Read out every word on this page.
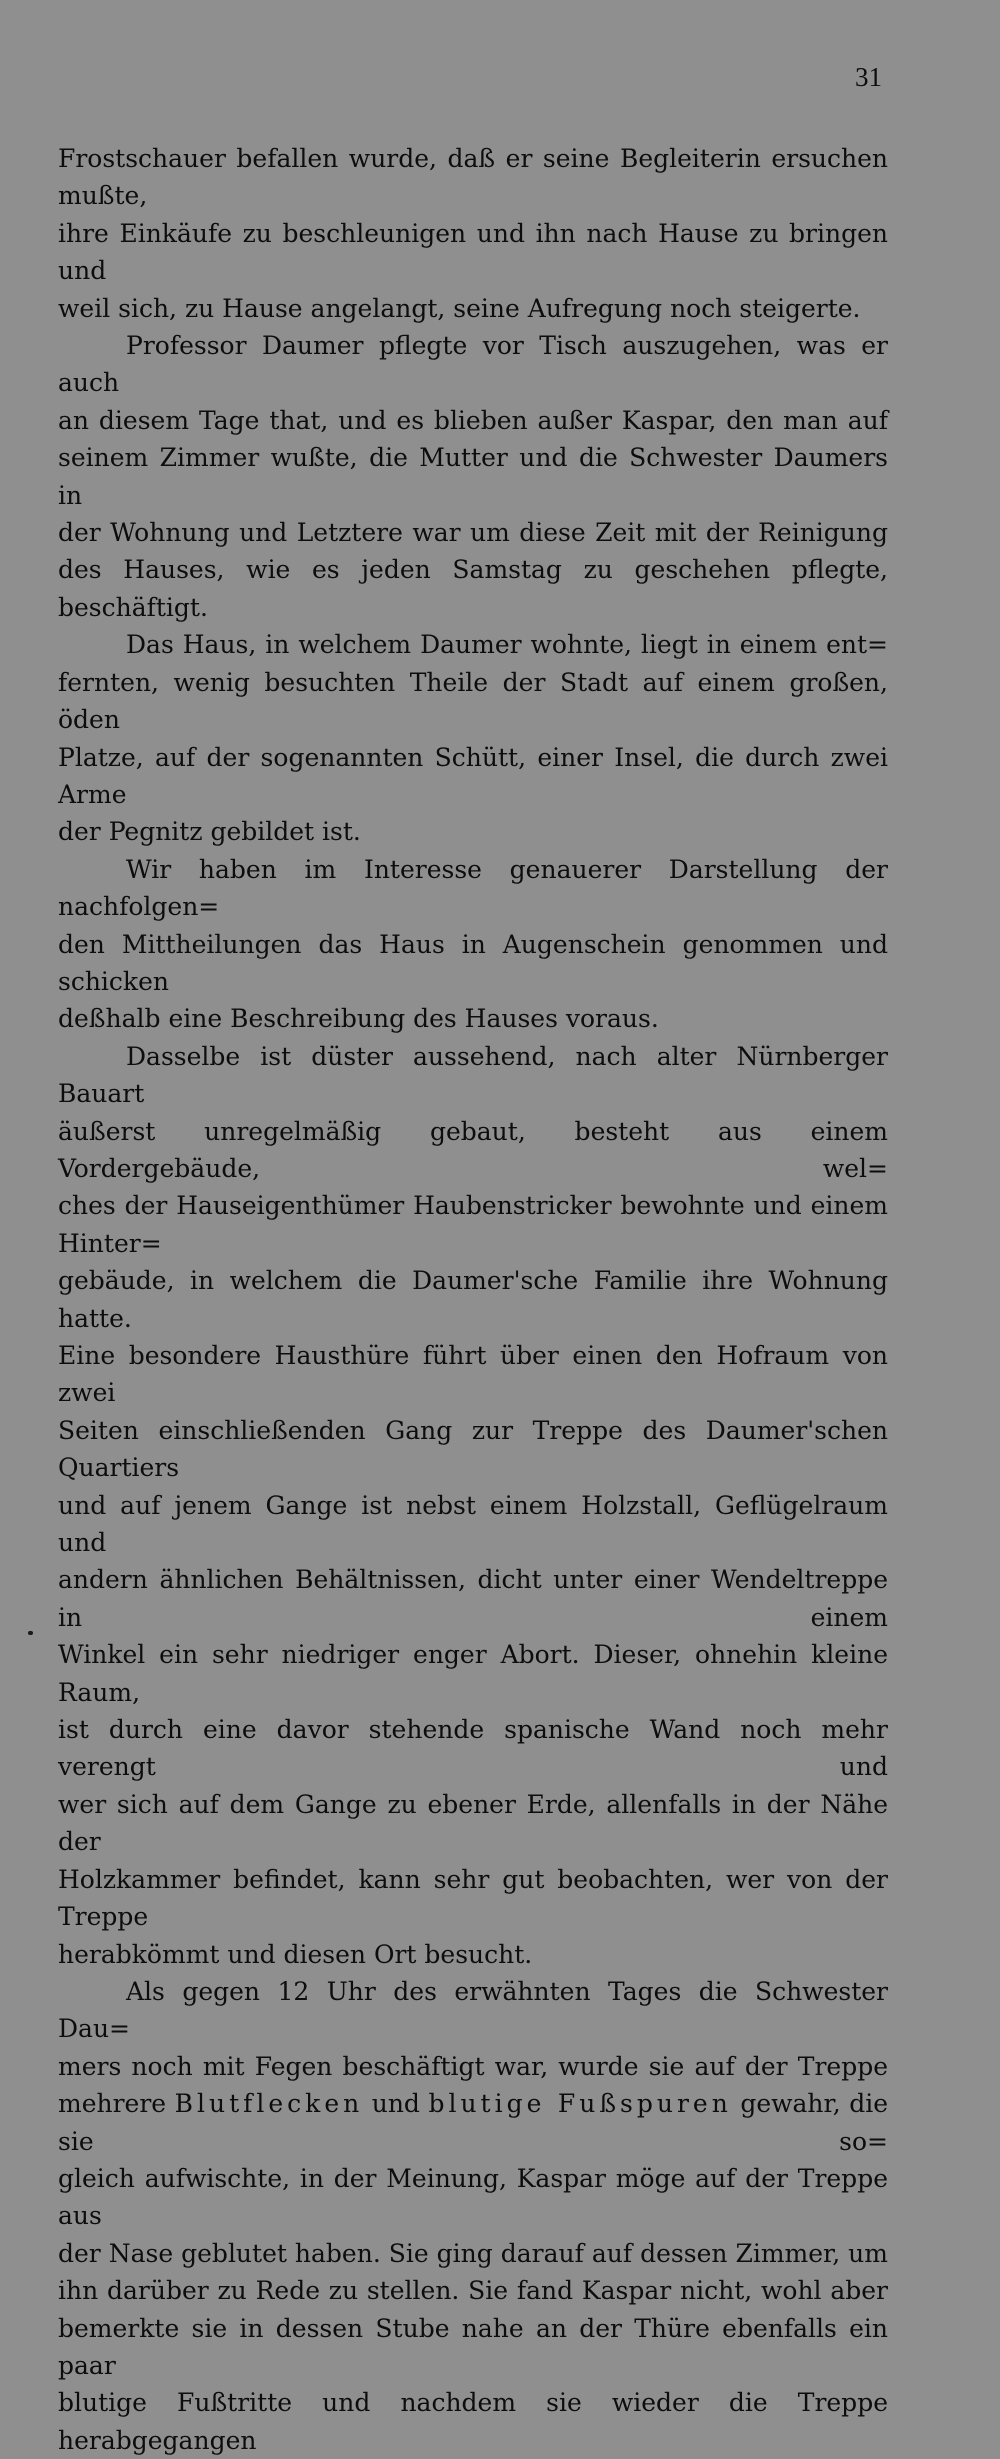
31
Frostschauer befallen wurde, daß er seine Begleiterin ersuchen mußte,
ihre Einkäufe zu beschleunigen und ihn nach Hause zu bringen und
weil sich, zu Hause angelangt, seine Aufregung noch steigerte.
Professor Daumer pflegte vor Tisch auszugehen, was er auch
an diesem Tage that, und es blieben außer Kaspar, den man auf
seinem Zimmer wußte, die Mutter und die Schwester Daumers in
der Wohnung und Letztere war um diese Zeit mit der Reinigung
des Hauses, wie es jeden Samstag zu geschehen pflegte, beschäftigt.
Das Haus, in welchem Daumer wohnte, liegt in einem ent=
fernten, wenig besuchten Theile der Stadt auf einem großen, öden
Platze, auf der sogenannten Schütt, einer Insel, die durch zwei Arme
der Pegnitz gebildet ist.
Wir haben im Interesse genauerer Darstellung der nachfolgen=
den Mittheilungen das Haus in Augenschein genommen und schicken
deßhalb eine Beschreibung des Hauses voraus.
Dasselbe ist düster aussehend, nach alter Nürnberger Bauart
äußerst unregelmäßig gebaut, besteht aus einem Vordergebäude, wel=
ches der Hauseigenthümer Haubenstricker bewohnte und einem Hinter=
gebäude, in welchem die Daumer'sche Familie ihre Wohnung hatte.
Eine besondere Hausthüre führt über einen den Hofraum von zwei
Seiten einschließenden Gang zur Treppe des Daumer'schen Quartiers
und auf jenem Gange ist nebst einem Holzstall, Geflügelraum und
andern ähnlichen Behältnissen, dicht unter einer Wendeltreppe in einem
Winkel ein sehr niedriger enger Abort. Dieser, ohnehin kleine Raum,
ist durch eine davor stehende spanische Wand noch mehr verengt und
wer sich auf dem Gange zu ebener Erde, allenfalls in der Nähe der
Holzkammer befindet, kann sehr gut beobachten, wer von der Treppe
herabkömmt und diesen Ort besucht.
Als gegen 12 Uhr des erwähnten Tages die Schwester Dau=
mers noch mit Fegen beschäftigt war, wurde sie auf der Treppe
mehrere Blutflecken und blutige Fußspuren gewahr, die sie so=
gleich aufwischte, in der Meinung, Kaspar möge auf der Treppe aus
der Nase geblutet haben. Sie ging darauf auf dessen Zimmer, um
ihn darüber zu Rede zu stellen. Sie fand Kaspar nicht, wohl aber
bemerkte sie in dessen Stube nahe an der Thüre ebenfalls ein paar
blutige Fußtritte und nachdem sie wieder die Treppe herabgegangen
